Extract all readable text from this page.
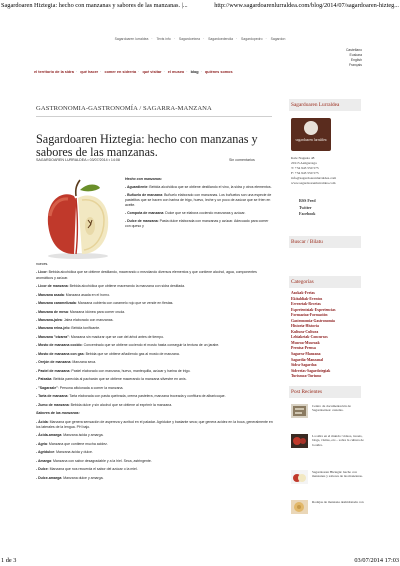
Sagardoaren Hiztegia: hecho con manzanas y sabores de las manzanas. |...	http://www.sagardoarenlurraldea.com/blog/2014/07/sagardoaren-hizteg...
Sagardoaren lurraldea · Texts info · Sagardoetxea · Sagardoedendia · Sagardopedro · Sagardon
Castellano
Euskara
English
Français
el territorio de la sidra · qué hacer · comer en sidrería · qué visitar · el museo · blog · quiénes somos
GASTRONOMIA-GASTRONOMÍA / SAGARRA-MANZANA
Sagardoaren Hiztegia: hecho con manzanas y sabores de las manzanas.
SAGARDOAREN LURRALDEA • 03/07/2014 • 14:08	Sin comentarios

Hecho con manzanas:

- Aguardiente: Bebida alcohólica que se obtiene destilando el vino, la sidra y otros elementos.

- Buñuelo de manzana: Buñuelo elaborado con manzanas. Los buñuelos son una especie de pastelitos que se hacen con harina de trigo, huevo, leche y un poco de azúcar que se fríen en aceite.

- Compota de manzana: Dulce que se elabora cociendo manzanas y azúcar.

- Dulce de manzana: Pasta dulce elaborada con manzanas y azúcar. Adecuado para comer con queso y

nueces.

- Licor: Bebida alcohólica que se obtiene destilando, macerando o mezclando diversos elementos y que contiene alcohol, agua, componentes aromáticos y azúcar.

- Licor de manzana: Bebida alcohólica que obtiene macerando la manzana con sidra destilada.

- Manzana asada: Manzana asada en el horno.

- Manzana caramelizada: Manzana cubierta con caramelo rojo que se vende en fiestas.

- Manzana de mesa: Manzana idónea para comer cruda.

- Manzana-jalea: Jalea elaborado con manzanas.

- Manzana reina-jelo: Bebida tonificante.

- Manzana "otzarra": Manzana sin madurar que se cae del árbol antes de tiempo.

- Mosto de manzana cocido: Concentrado que se obtiene cociendo el mosto hasta conseguir la textura de un jarabe.

- Mosto de manzana con gas: Bebida que se obtiene añadiendo gas al mosto de manzana.

- Orejón de manzana: Manzana seca.

- Pastel de manzana: Pastel elaborado con manzana, huevo, mantequilla, azúcar y harina de trigo.

- Patxaka: Bebida parecida al pacharán que se obtiene macerando la manzana silvestre en anís.

- "Sagarzale": Persona aficionada a comer la manzana.

- Tarta de manzana: Tarta elaborada con pasta quebrada, crema pastelera, manzana troceada y confitura de albaricoque.

- Zumo de manzana: Bebida dulce y sin alcohol que se obtiene al exprimir la manzana.

Sabores de las manzanas:

- Ácida: Manzana que genera sensación de aspereza y acritud en el paladar. Agridulce y bastante seca; que genera acidez en la boca, generalmente en los laterales de la lengua. PH bajo.

- Ácida-amarga: Manzana ácida y amarga.

- Agria: Manzana que contiene mucha acidez.

- Agridulce: Manzana ácida y dulce.

- Amarga: Manzana con sabor desagradable y a la hiel. Seca, astringente.

- Dulce: Manzana que nos recuerda el sabor del azúcar o la miel.

- Dulce-amarga: Manzana dulce y amarga.

Sagardoaren Lurraldea
sagardoaren lurraldea
Kale Nagusia 48
20115 Astigarraga
T: +34 943 550 575
F: +34 943 550 575
info@sagardoarenlurraldea.com
www.sagardoarenlurraldea.com
RSS Feed
Twitter
Facebook
Buscar / Bilatu
Categorías
Azokak-Ferias
Ekitaldiak-Eventos
Errezetak-Recetas
Esperientziak-Experiencias
Formazioa-Formación
Gastronomia-Gastronomía
Historia-Historia
Kultura-Cultura
Lehiaketak-Concursos
Museoa-Museoak
Prentsa-Prensa
Sagarra-Manzana
Sagardia-Manzanal
Sidra-Sagardoa
Sidrerías-Sagardotegiak
Turismoa-Turismo
Post Recientes
Centro de documentación de Sagardoetxea: castelas.
La sidra en el mundo: vídeos, tweets, blogs, visitas, etc... sobre la cultura de la sidra.
Sagardoaren Hiztegia: hecho con manzanas y sabores de las manzanas.
Rodajas de manzana deshidratada con
1 de 3	03/07/2014 17:03
